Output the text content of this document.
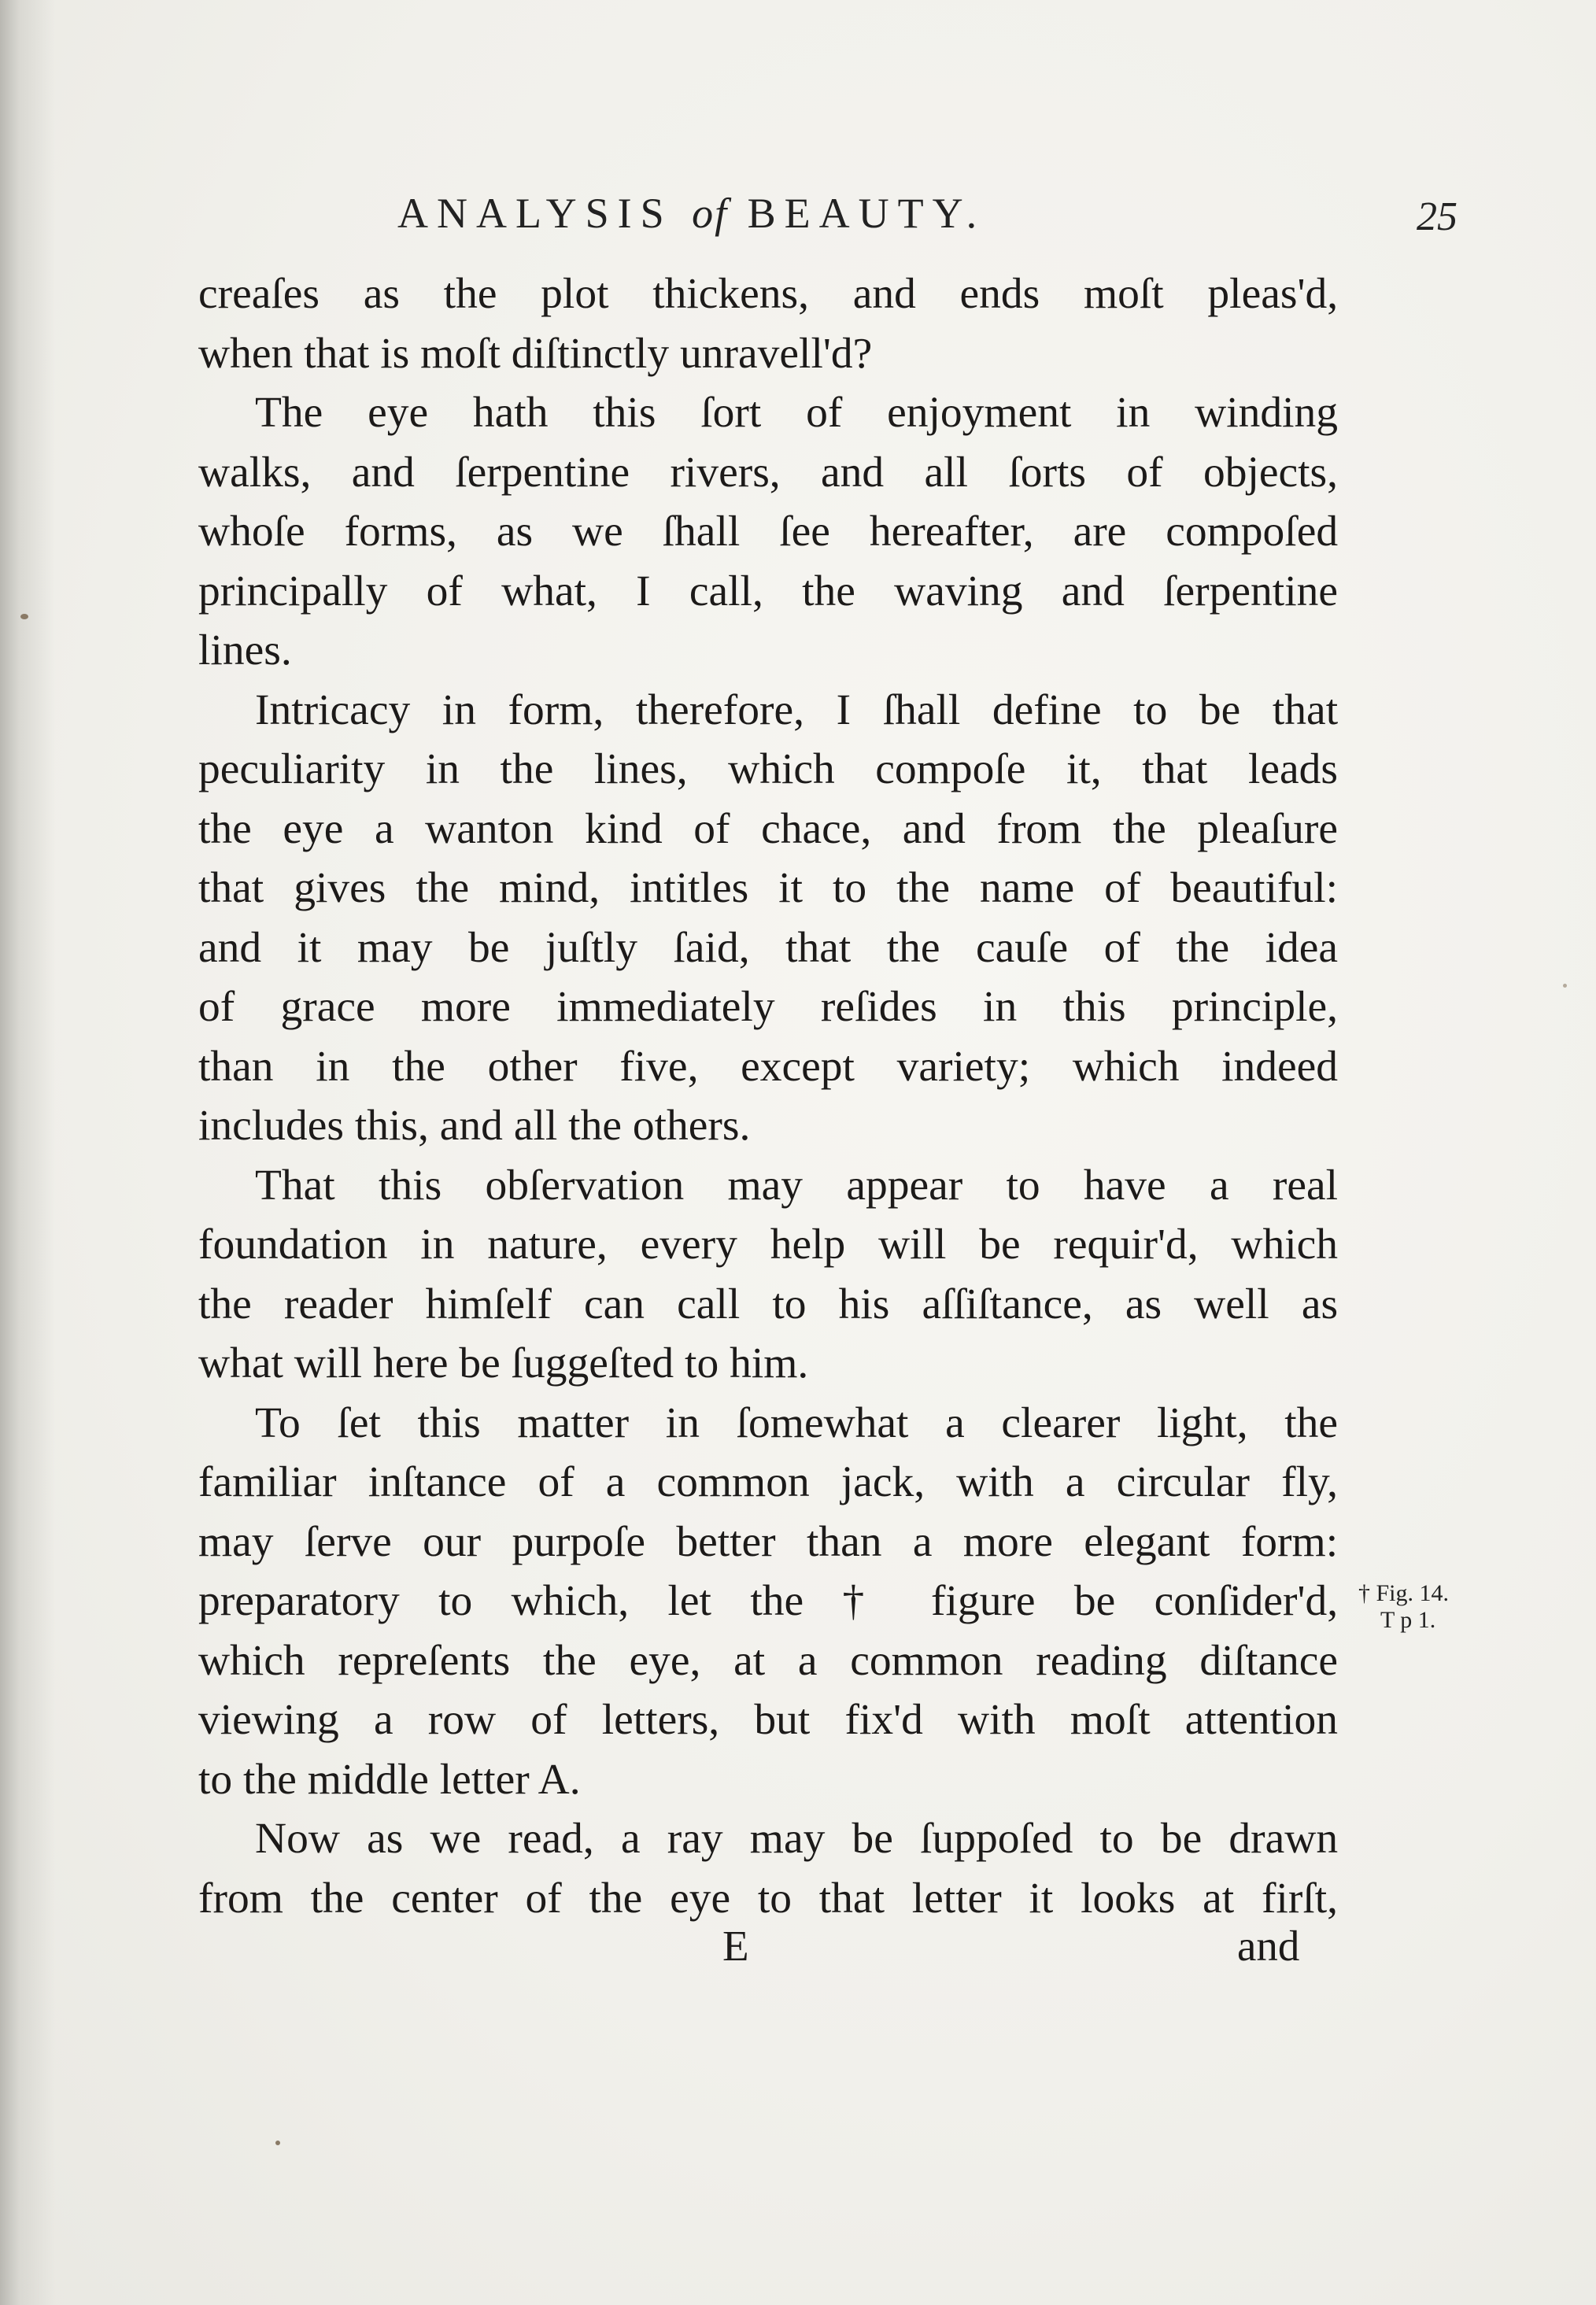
ANALYSIS of BEAUTY.	25
creaſes as the plot thickens, and ends moſt pleas'd,
when that is moſt diſtinctly unravell'd?
The eye hath this ſort of enjoyment in winding
walks, and ſerpentine rivers, and all ſorts of objects,
whoſe forms, as we ſhall ſee hereafter, are compoſed
principally of what, I call, the waving and ſerpentine
lines.
Intricacy in form, therefore, I ſhall define to be that
peculiarity in the lines, which compoſe it, that leads
the eye a wanton kind of chace, and from the pleaſure
that gives the mind, intitles it to the name of beautiful:
and it may be juſtly ſaid, that the cauſe of the idea
of grace more immediately reſides in this principle,
than in the other five, except variety; which indeed
includes this, and all the others.
That this obſervation may appear to have a real
foundation in nature, every help will be requir'd, which
the reader himſelf can call to his aſſiſtance, as well as
what will here be ſuggeſted to him.
To ſet this matter in ſomewhat a clearer light, the
familiar inſtance of a common jack, with a circular fly,
may ſerve our purpoſe better than a more elegant form:
preparatory to which, let the † figure be conſider'd,
which repreſents the eye, at a common reading diſtance
viewing a row of letters, but fix'd with moſt attention
to the middle letter A.
Now as we read, a ray may be ſuppoſed to be drawn
from the center of the eye to that letter it looks at firſt,
† Fig. 14.
T p 1.
E	and
